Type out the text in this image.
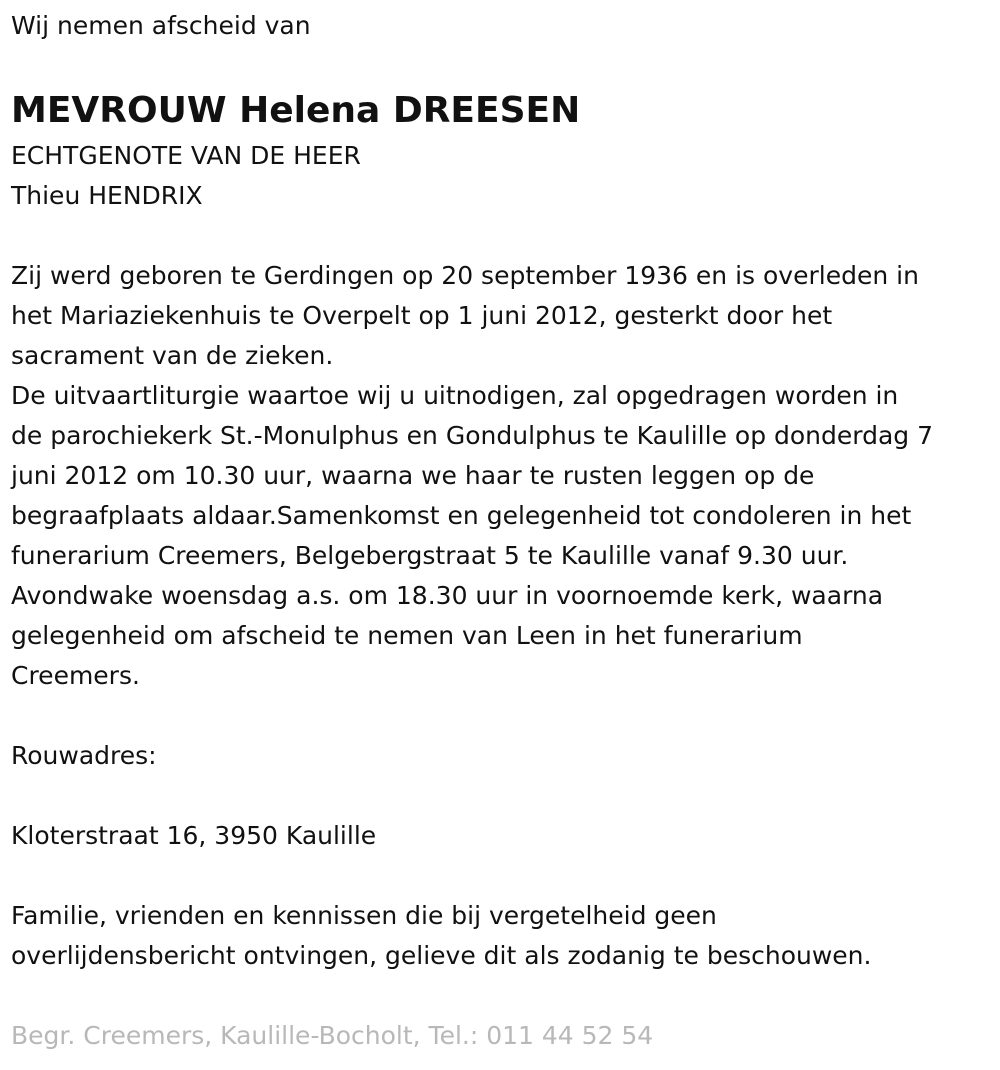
Wij nemen afscheid van

MEVROUW Helena DREESEN

ECHTGENOTE VAN DE HEER

Thieu HENDRIX

Zij werd geboren te Gerdingen op 20 september 1936 en is overleden in

het Mariaziekenhuis te Overpelt op 1 juni 2012, gesterkt door het

sacrament van de zieken.

De uitvaartliturgie waartoe wij u uitnodigen, zal opgedragen worden in

de parochiekerk St.-Monulphus en Gondulphus te Kaulille op donderdag 7

juni 2012 om 10.30 uur, waarna we haar te rusten leggen op de

begraafplaats aldaar.Samenkomst en gelegenheid tot condoleren in het

funerarium Creemers, Belgebergstraat 5 te Kaulille vanaf 9.30 uur.

Avondwake woensdag a.s. om 18.30 uur in voornoemde kerk, waarna

gelegenheid om afscheid te nemen van Leen in het funerarium

Creemers.

Rouwadres:

Kloterstraat 16, 3950 Kaulille

Familie, vrienden en kennissen die bij vergetelheid geen

overlijdensbericht ontvingen, gelieve dit als zodanig te beschouwen.

Begr. Creemers, Kaulille-Bocholt, Tel.: 011 44 52 54
